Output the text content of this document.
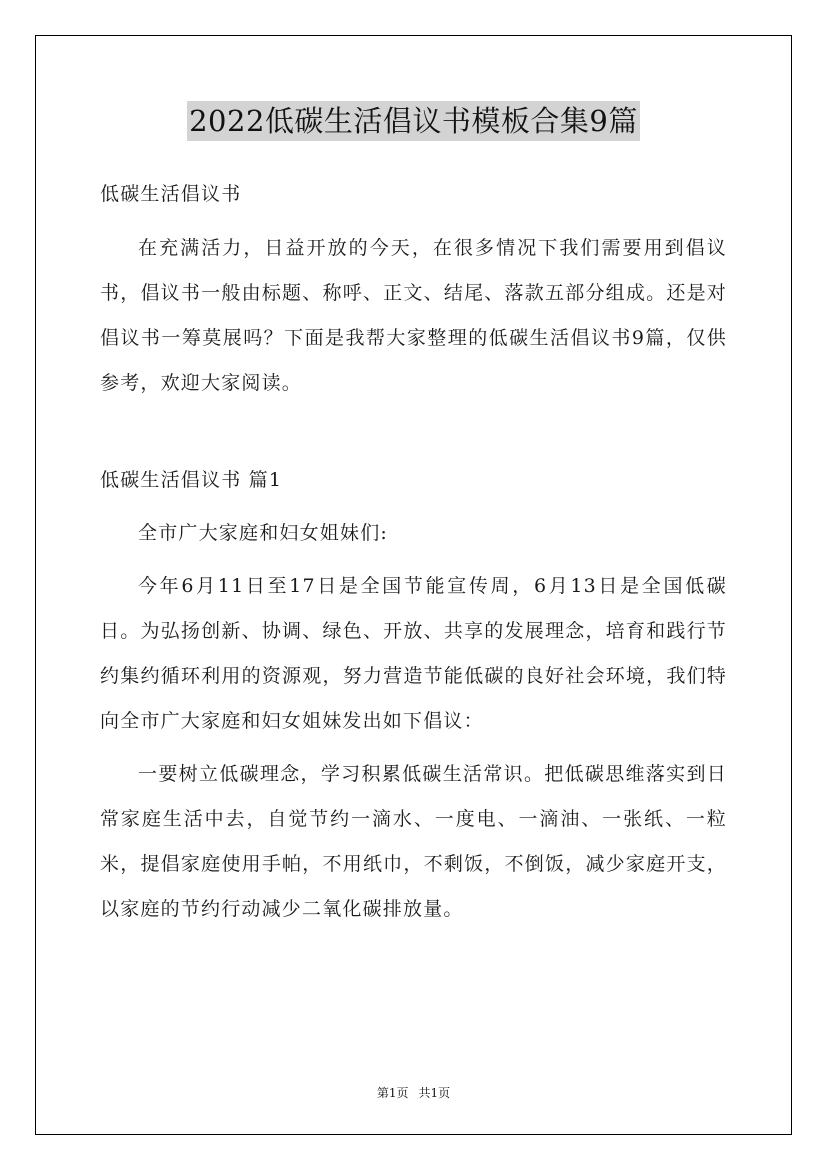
2022低碳生活倡议书模板合集9篇

低碳生活倡议书

在充满活力，日益开放的今天，在很多情况下我们需要用到倡议书，倡议书一般由标题、称呼、正文、结尾、落款五部分组成。还是对倡议书一筹莫展吗？下面是我帮大家整理的低碳生活倡议书9篇，仅供参考，欢迎大家阅读。

低碳生活倡议书 篇1

全市广大家庭和妇女姐妹们:

今年6月11日至17日是全国节能宣传周，6月13日是全国低碳日。为弘扬创新、协调、绿色、开放、共享的发展理念，培育和践行节约集约循环利用的资源观，努力营造节能低碳的良好社会环境，我们特向全市广大家庭和妇女姐妹发出如下倡议：

一要树立低碳理念，学习积累低碳生活常识。把低碳思维落实到日常家庭生活中去，自觉节约一滴水、一度电、一滴油、一张纸、一粒米，提倡家庭使用手帕，不用纸巾，不剩饭，不倒饭，减少家庭开支，以家庭的节约行动减少二氧化碳排放量。

第1页 共1页
